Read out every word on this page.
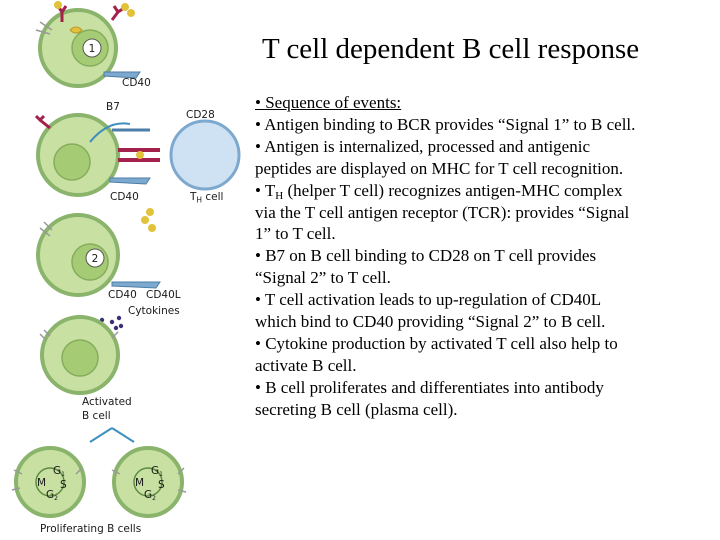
1
CD40
B7
CD28
CD40	$T_H$ cell
2
CD40 CD40L
Cytokines
Activated
B cell
G1
M S
G2
G1
M S
G2
Proliferating B cells
T cell dependent B cell response
• Sequence of events:
• Antigen binding to BCR provides “Signal 1” to B cell.
• Antigen is internalized, processed and antigenic
peptides are displayed on MHC for T cell recognition.
• $T_H$ (helper T cell) recognizes antigen-MHC complex
via the T cell antigen receptor (TCR): provides “Signal
1” to T cell.
• B7 on B cell binding to CD28 on T cell provides
“Signal 2” to T cell.
• T cell activation leads to up-regulation of CD40L
which bind to CD40 providing “Signal 2” to B cell.
• Cytokine production by activated T cell also help to
activate B cell.
• B cell proliferates and differentiates into antibody
secreting B cell (plasma cell).
